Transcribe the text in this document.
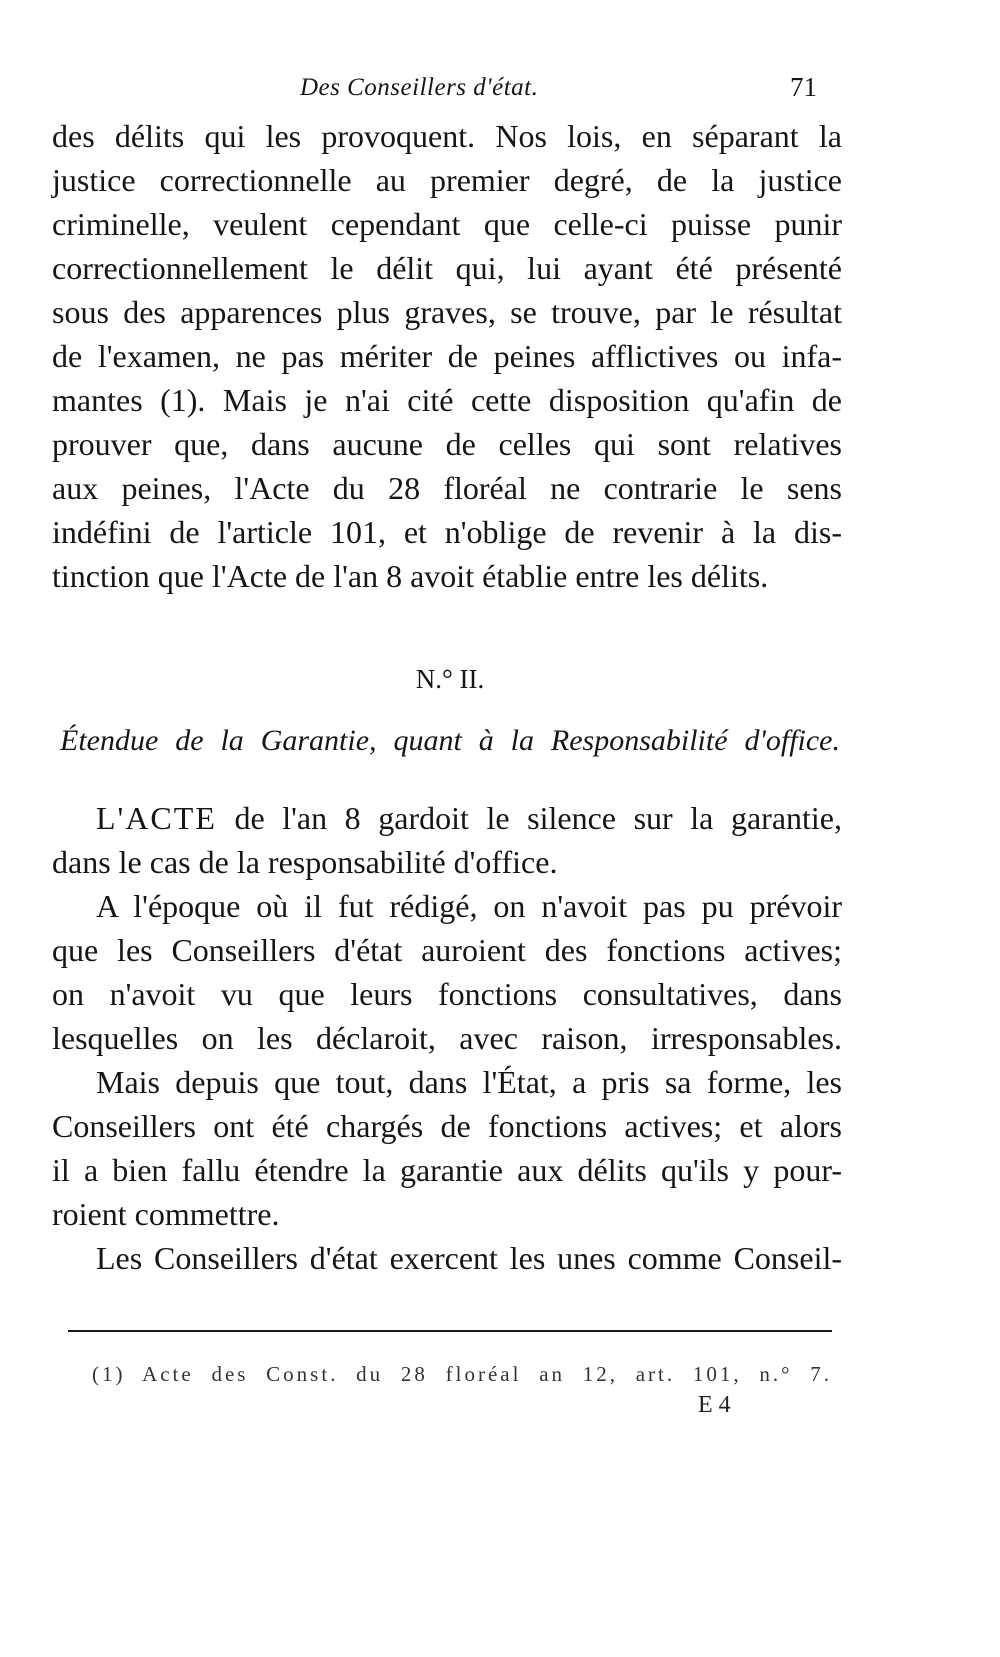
Des Conseillers d'état.	71
des délits qui les provoquent. Nos lois, en séparant la
justice correctionnelle au premier degré, de la justice
criminelle, veulent cependant que celle-ci puisse punir
correctionnellement le délit qui, lui ayant été présenté
sous des apparences plus graves, se trouve, par le résultat
de l'examen, ne pas mériter de peines afflictives ou infa-
mantes (1). Mais je n'ai cité cette disposition qu'afin de
prouver que, dans aucune de celles qui sont relatives
aux peines, l'Acte du 28 floréal ne contrarie le sens
indéfini de l'article 101, et n'oblige de revenir à la dis-
tinction que l'Acte de l'an 8 avoit établie entre les délits.
N.° II.
Étendue de la Garantie, quant à la Responsabilité d'office.
L'ACTE de l'an 8 gardoit le silence sur la garantie,
dans le cas de la responsabilité d'office.
A l'époque où il fut rédigé, on n'avoit pas pu prévoir
que les Conseillers d'état auroient des fonctions actives;
on n'avoit vu que leurs fonctions consultatives, dans
lesquelles on les déclaroit, avec raison, irresponsables.
Mais depuis que tout, dans l'État, a pris sa forme, les
Conseillers ont été chargés de fonctions actives; et alors
il a bien fallu étendre la garantie aux délits qu'ils y pour-
roient commettre.
Les Conseillers d'état exercent les unes comme Conseil-
(1) Acte des Const. du 28 floréal an 12, art. 101, n.° 7.
E 4
